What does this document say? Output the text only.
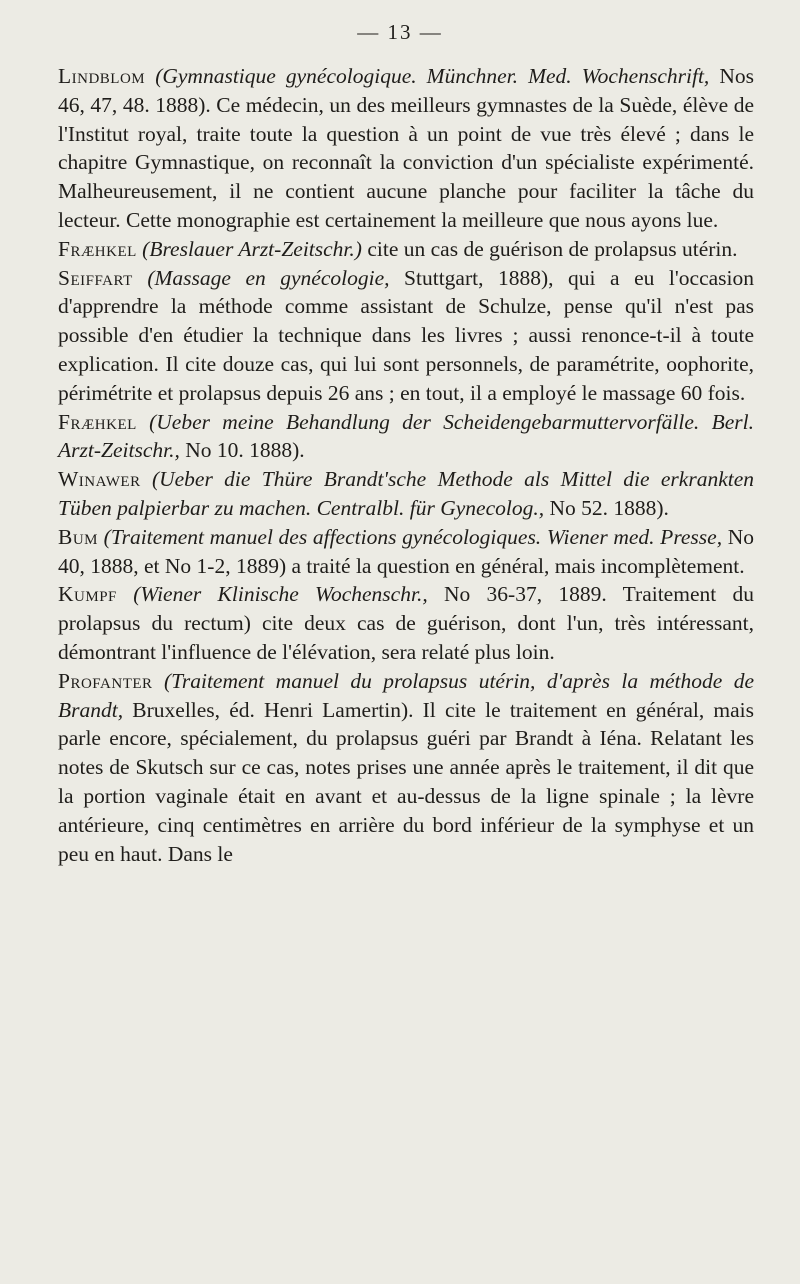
— 13 —

Lindblom (Gymnastique gynécologique. Münchner. Med. Wochenschrift, Nos 46, 47, 48. 1888). Ce médecin, un des meilleurs gymnastes de la Suède, élève de l'Institut royal, traite toute la question à un point de vue très élevé ; dans le chapitre Gymnastique, on reconnaît la conviction d'un spécialiste expérimenté. Malheureusement, il ne contient aucune planche pour faciliter la tâche du lecteur. Cette monographie est certainement la meilleure que nous ayons lue.

Fræнkel (Breslauer Arzt-Zeitschr.) cite un cas de guérison de prolapsus utérin.

Seiffart (Massage en gynécologie, Stuttgart, 1888), qui a eu l'occasion d'apprendre la méthode comme assistant de Schulze, pense qu'il n'est pas possible d'en étudier la technique dans les livres ; aussi renonce-t-il à toute explication. Il cite douze cas, qui lui sont personnels, de paramétrite, oophorite, périmétrite et prolapsus depuis 26 ans ; en tout, il a employé le massage 60 fois.

Fræнkel (Ueber meine Behandlung der Scheidengebarmuttervorfälle. Berl. Arzt-Zeitschr., No 10. 1888).

Winawer (Ueber die Thüre Brandt'sche Methode als Mittel die erkrankten Tüben palpierbar zu machen. Centralbl. für Gynecolog., No 52. 1888).

Bum (Traitement manuel des affections gynécologiques. Wiener med. Presse, No 40, 1888, et No 1-2, 1889) a traité la question en général, mais incomplètement.

Kumpf (Wiener Klinische Wochenschr., No 36-37, 1889. Traitement du prolapsus du rectum) cite deux cas de guérison, dont l'un, très intéressant, démontrant l'influence de l'élévation, sera relaté plus loin.

Profanter (Traitement manuel du prolapsus utérin, d'après la méthode de Brandt, Bruxelles, éd. Henri Lamertin). Il cite le traitement en général, mais parle encore, spécialement, du prolapsus guéri par Brandt à Iéna. Relatant les notes de Skutsch sur ce cas, notes prises une année après le traitement, il dit que la portion vaginale était en avant et au-dessus de la ligne spinale ; la lèvre antérieure, cinq centimètres en arrière du bord inférieur de la symphyse et un peu en haut. Dans le
